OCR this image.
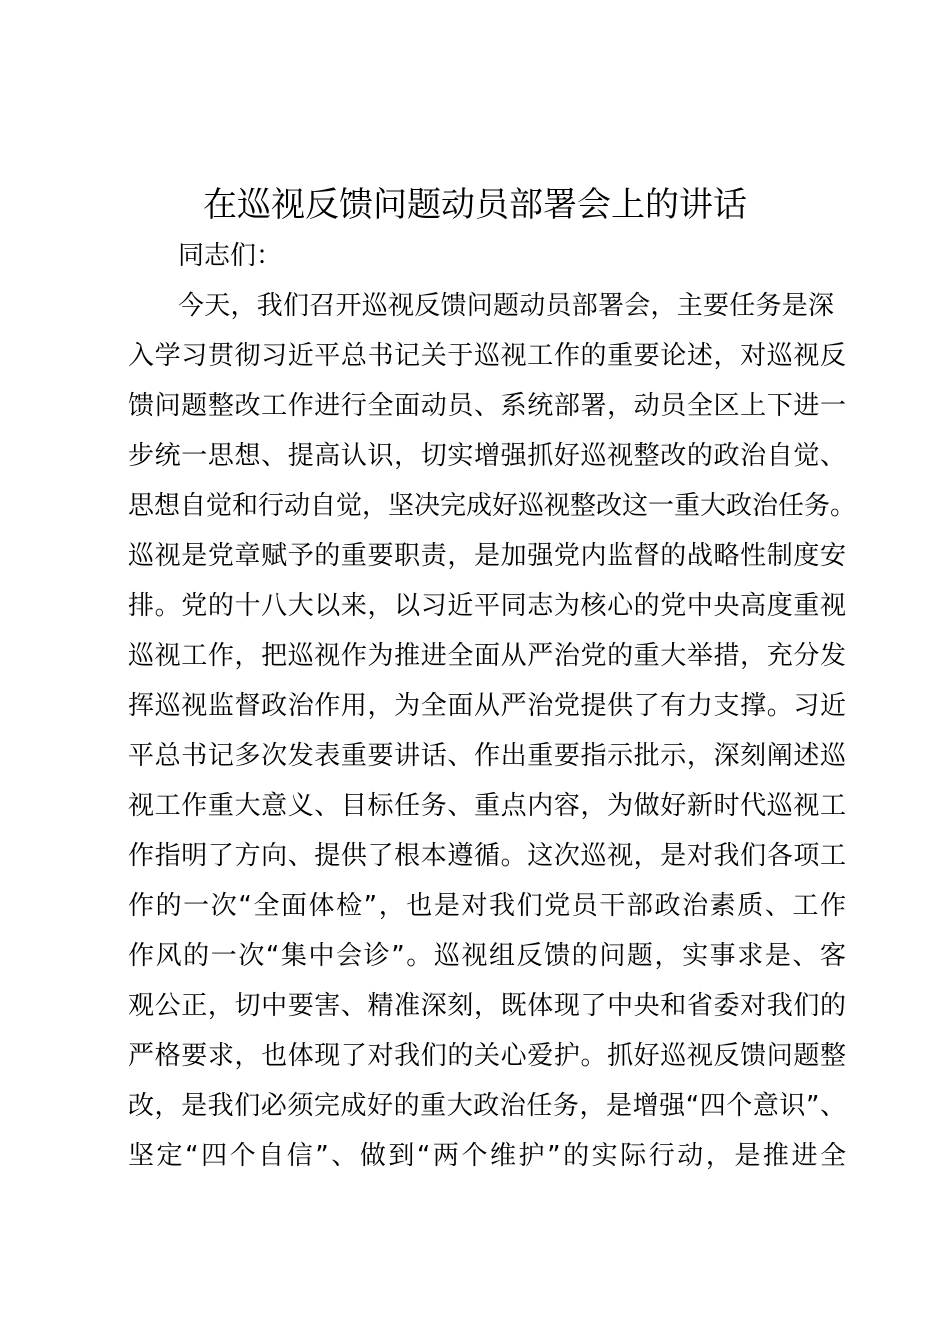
在巡视反馈问题动员部署会上的讲话
同志们：
今天，我们召开巡视反馈问题动员部署会，主要任务是深
入学习贯彻习近平总书记关于巡视工作的重要论述，对巡视反
馈问题整改工作进行全面动员、系统部署，动员全区上下进一
步统一思想、提高认识，切实增强抓好巡视整改的政治自觉、
思想自觉和行动自觉，坚决完成好巡视整改这一重大政治任务。
巡视是党章赋予的重要职责，是加强党内监督的战略性制度安
排。党的十八大以来，以习近平同志为核心的党中央高度重视
巡视工作，把巡视作为推进全面从严治党的重大举措，充分发
挥巡视监督政治作用，为全面从严治党提供了有力支撑。习近
平总书记多次发表重要讲话、作出重要指示批示，深刻阐述巡
视工作重大意义、目标任务、重点内容，为做好新时代巡视工
作指明了方向、提供了根本遵循。这次巡视，是对我们各项工
作的一次“全面体检”，也是对我们党员干部政治素质、工作
作风的一次“集中会诊”。巡视组反馈的问题，实事求是、客
观公正，切中要害、精准深刻，既体现了中央和省委对我们的
严格要求，也体现了对我们的关心爱护。抓好巡视反馈问题整
改，是我们必须完成好的重大政治任务，是增强“四个意识”、
坚定“四个自信”、做到“两个维护”的实际行动，是推进全
